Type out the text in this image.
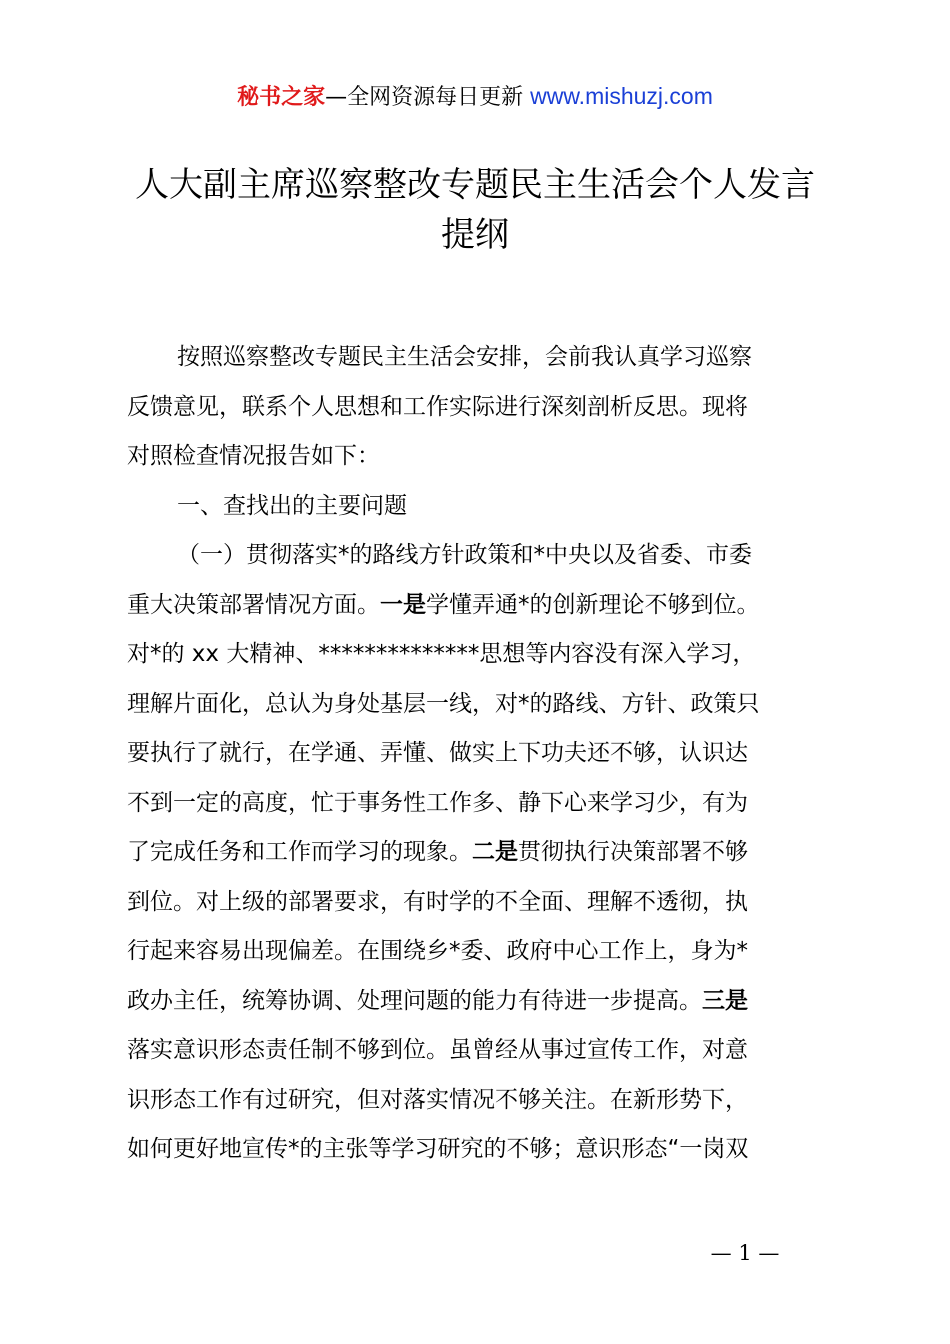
秘书之家—全网资源每日更新 www.mishuzj.com
人大副主席巡察整改专题民主生活会个人发言
提纲
按照巡察整改专题民主生活会安排，会前我认真学习巡察
反馈意见，联系个人思想和工作实际进行深刻剖析反思。现将
对照检查情况报告如下：
一、查找出的主要问题
（一）贯彻落实*的路线方针政策和*中央以及省委、市委
重大决策部署情况方面。一是学懂弄通*的创新理论不够到位。
对*的 xx 大精神、**************思想等内容没有深入学习，
理解片面化，总认为身处基层一线，对*的路线、方针、政策只
要执行了就行，在学通、弄懂、做实上下功夫还不够，认识达
不到一定的高度，忙于事务性工作多、静下心来学习少，有为
了完成任务和工作而学习的现象。二是贯彻执行决策部署不够
到位。对上级的部署要求，有时学的不全面、理解不透彻，执
行起来容易出现偏差。在围绕乡*委、政府中心工作上，身为*
政办主任，统筹协调、处理问题的能力有待进一步提高。三是
落实意识形态责任制不够到位。虽曾经从事过宣传工作，对意
识形态工作有过研究，但对落实情况不够关注。在新形势下，
如何更好地宣传*的主张等学习研究的不够；意识形态“一岗双
— 1 —
